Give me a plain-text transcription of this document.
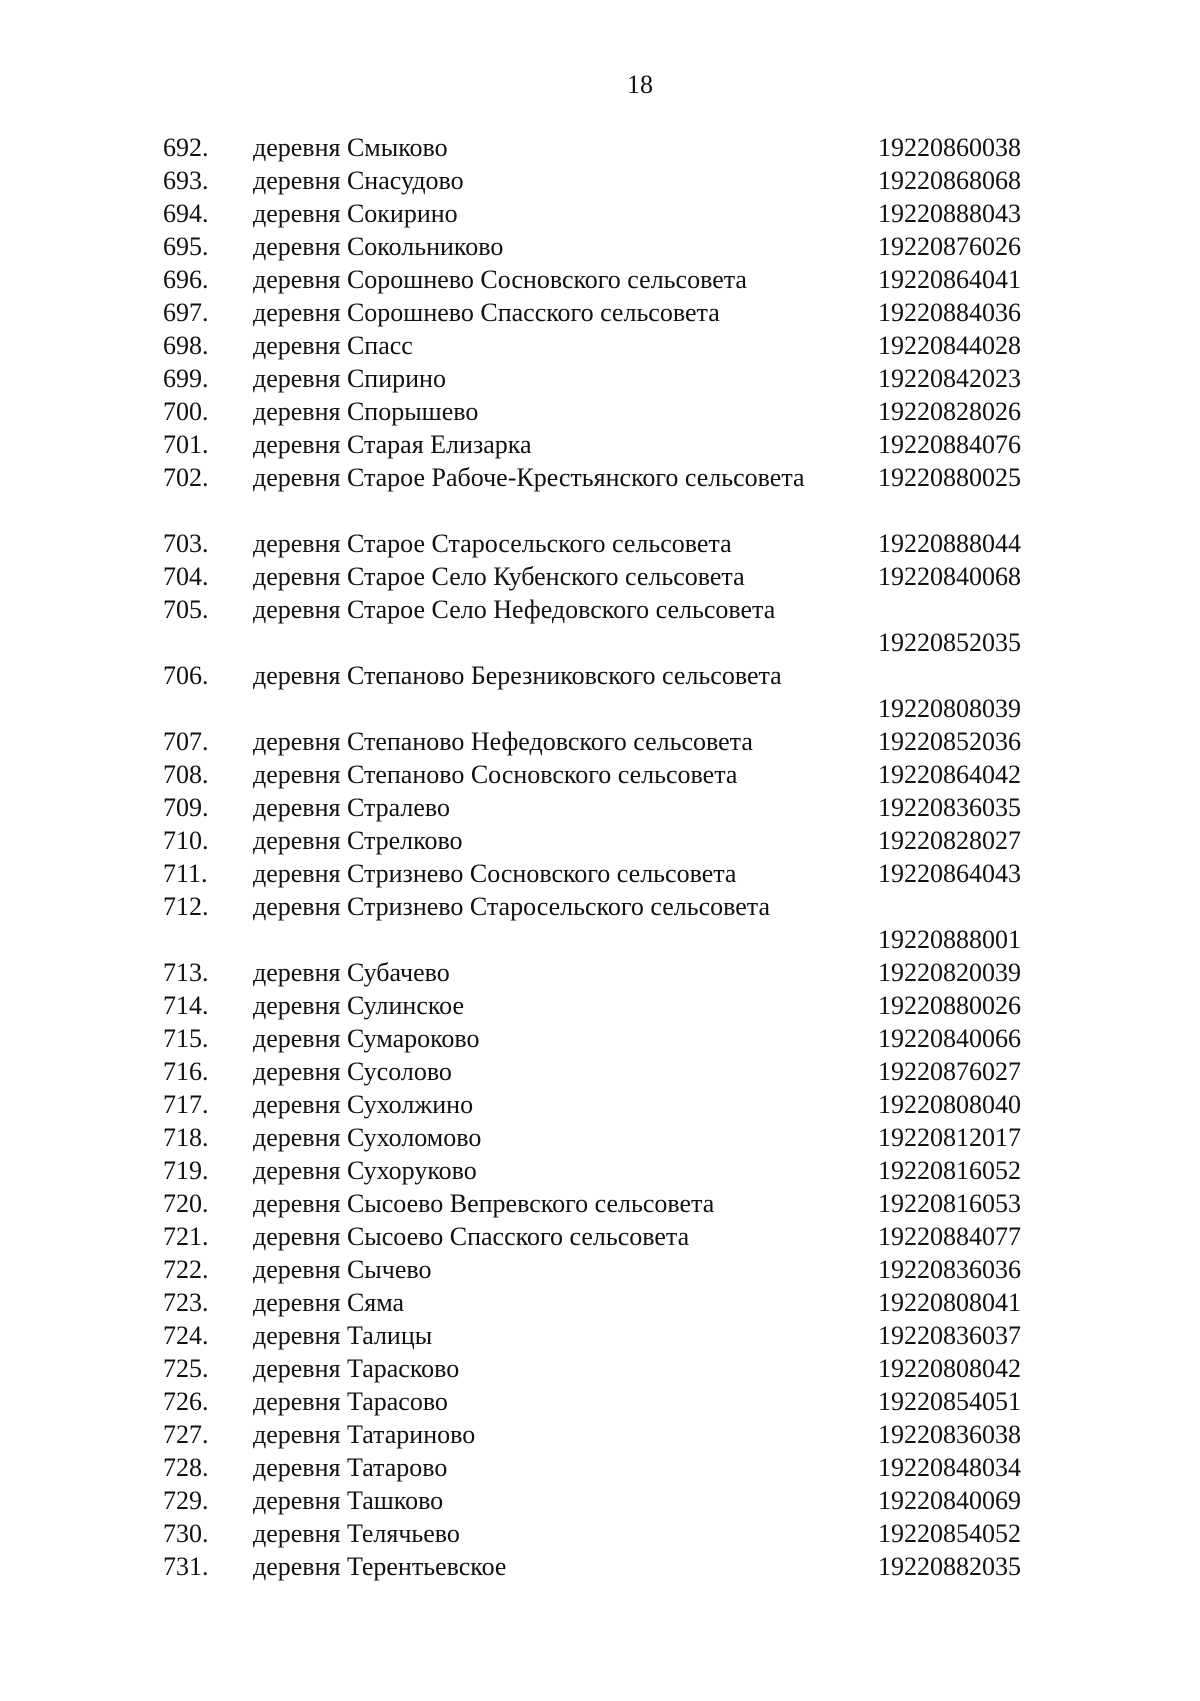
18
692. деревня Смыково	19220860038
693. деревня Снасудово	19220868068
694. деревня Сокирино	19220888043
695. деревня Сокольниково	19220876026
696. деревня Сорошнево Сосновского сельсовета	19220864041
697. деревня Сорошнево Спасского сельсовета	19220884036
698. деревня Спасс	19220844028
699. деревня Спирино	19220842023
700. деревня Спорышево	19220828026
701. деревня Старая Елизарка	19220884076
702. деревня Старое Рабоче-Крестьянского сельсовета	19220880025
703. деревня Старое Старосельского сельсовета	19220888044
704. деревня Старое Село Кубенского сельсовета	19220840068
705. деревня Старое Село Нефедовского сельсовета
19220852035
706. деревня Степаново Березниковского сельсовета
19220808039
707. деревня Степаново Нефедовского сельсовета	19220852036
708. деревня Степаново Сосновского сельсовета	19220864042
709. деревня Стралево	19220836035
710. деревня Стрелково	19220828027
711. деревня Стризнево Сосновского сельсовета	19220864043
712. деревня Стризнево Старосельского сельсовета
19220888001
713. деревня Субачево	19220820039
714. деревня Сулинское	19220880026
715. деревня Сумароково	19220840066
716. деревня Сусолово	19220876027
717. деревня Сухолжино	19220808040
718. деревня Сухоломово	19220812017
719. деревня Сухоруково	19220816052
720. деревня Сысоево Вепревского сельсовета	19220816053
721. деревня Сысоево Спасского сельсовета	19220884077
722. деревня Сычево	19220836036
723. деревня Сяма	19220808041
724. деревня Талицы	19220836037
725. деревня Тарасково	19220808042
726. деревня Тарасово	19220854051
727. деревня Татариново	19220836038
728. деревня Татарово	19220848034
729. деревня Ташково	19220840069
730. деревня Телячьево	19220854052
731. деревня Терентьевское	19220882035
